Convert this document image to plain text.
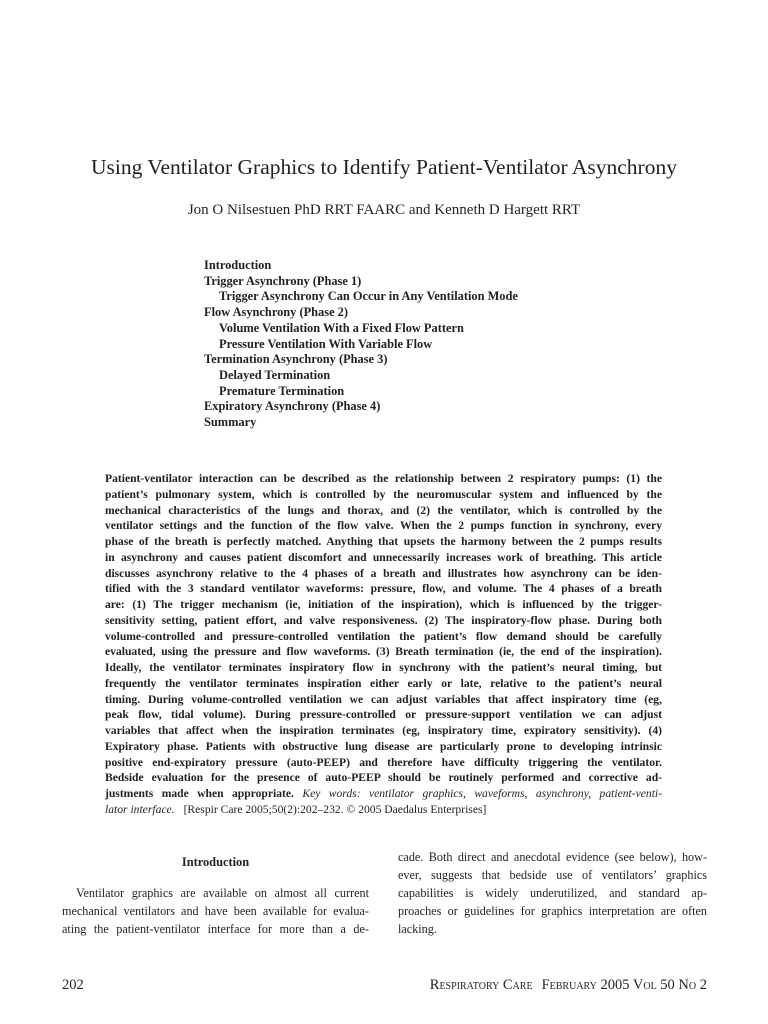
Using Ventilator Graphics to Identify Patient-Ventilator Asynchrony
Jon O Nilsestuen PhD RRT FAARC and Kenneth D Hargett RRT
Introduction
Trigger Asynchrony (Phase 1)
Trigger Asynchrony Can Occur in Any Ventilation Mode
Flow Asynchrony (Phase 2)
Volume Ventilation With a Fixed Flow Pattern
Pressure Ventilation With Variable Flow
Termination Asynchrony (Phase 3)
Delayed Termination
Premature Termination
Expiratory Asynchrony (Phase 4)
Summary
Patient-ventilator interaction can be described as the relationship between 2 respiratory pumps: (1) the
patient’s pulmonary system, which is controlled by the neuromuscular system and influenced by the
mechanical characteristics of the lungs and thorax, and (2) the ventilator, which is controlled by the
ventilator settings and the function of the flow valve. When the 2 pumps function in synchrony, every
phase of the breath is perfectly matched. Anything that upsets the harmony between the 2 pumps results
in asynchrony and causes patient discomfort and unnecessarily increases work of breathing. This article
discusses asynchrony relative to the 4 phases of a breath and illustrates how asynchrony can be iden-
tified with the 3 standard ventilator waveforms: pressure, flow, and volume. The 4 phases of a breath
are: (1) The trigger mechanism (ie, initiation of the inspiration), which is influenced by the trigger-
sensitivity setting, patient effort, and valve responsiveness. (2) The inspiratory-flow phase. During both
volume-controlled and pressure-controlled ventilation the patient’s flow demand should be carefully
evaluated, using the pressure and flow waveforms. (3) Breath termination (ie, the end of the inspiration).
Ideally, the ventilator terminates inspiratory flow in synchrony with the patient’s neural timing, but
frequently the ventilator terminates inspiration either early or late, relative to the patient’s neural
timing. During volume-controlled ventilation we can adjust variables that affect inspiratory time (eg,
peak flow, tidal volume). During pressure-controlled or pressure-support ventilation we can adjust
variables that affect when the inspiration terminates (eg, inspiratory time, expiratory sensitivity). (4)
Expiratory phase. Patients with obstructive lung disease are particularly prone to developing intrinsic
positive end-expiratory pressure (auto-PEEP) and therefore have difficulty triggering the ventilator.
Bedside evaluation for the presence of auto-PEEP should be routinely performed and corrective ad-
justments made when appropriate. Key words: ventilator graphics, waveforms, asynchrony, patient-venti-
lator interface. [Respir Care 2005;50(2):202–232. © 2005 Daedalus Enterprises]
Introduction
Ventilator graphics are available on almost all current
mechanical ventilators and have been available for evalua-
ating the patient-ventilator interface for more than a de-
cade. Both direct and anecdotal evidence (see below), how-
ever, suggests that bedside use of ventilators’ graphics
capabilities is widely underutilized, and standard ap-
proaches or guidelines for graphics interpretation are often
lacking.
202	Respiratory Care February 2005 Vol 50 No 2
